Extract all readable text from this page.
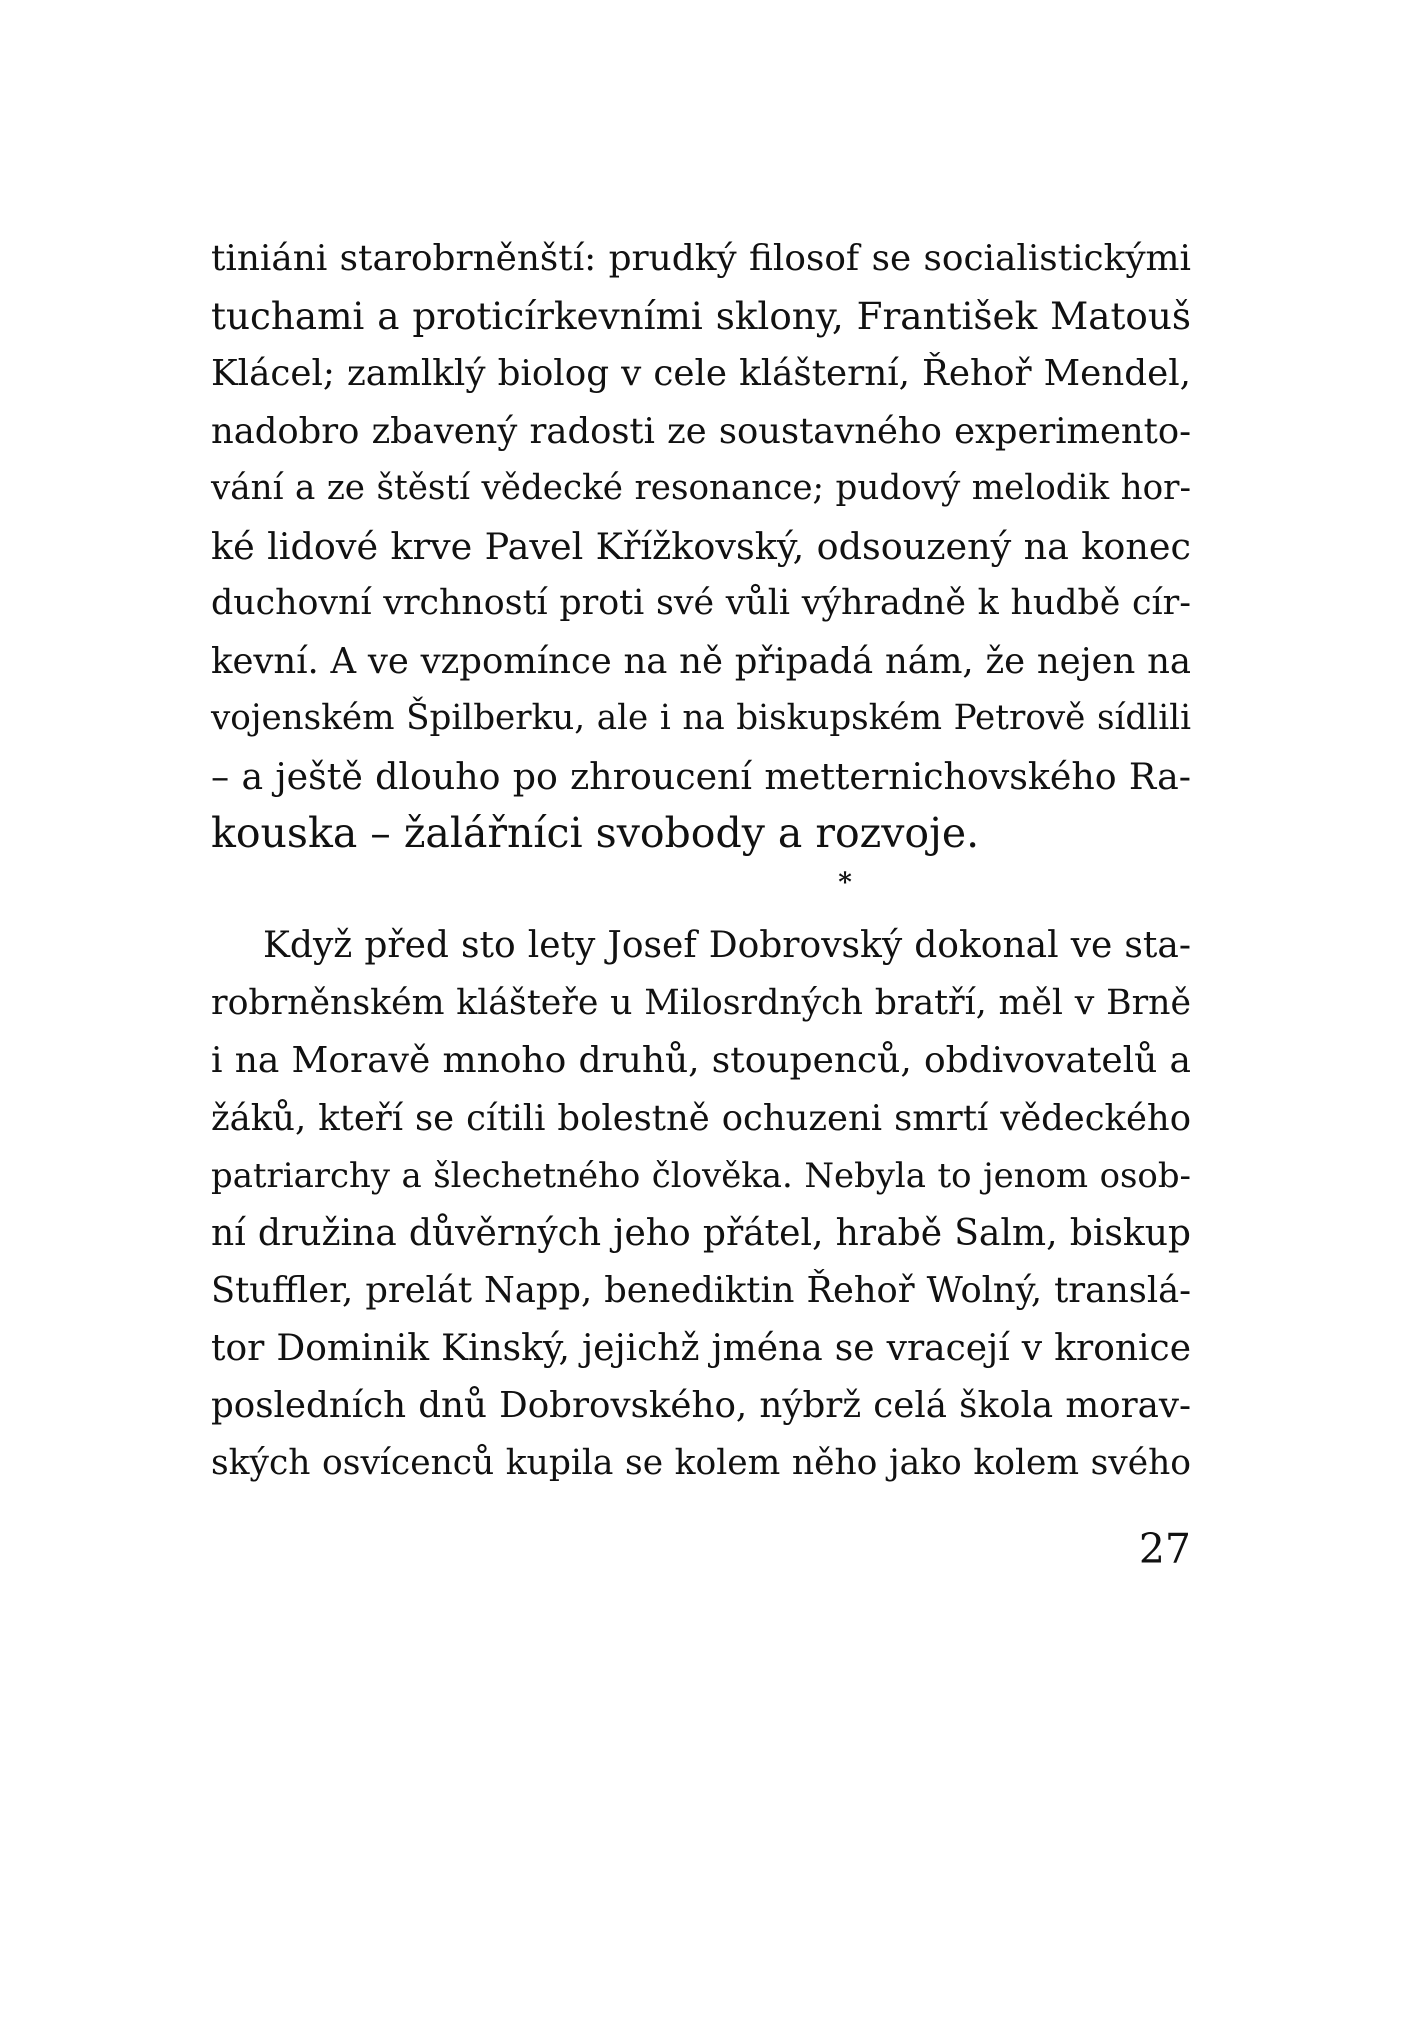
tiniáni starobrněnští: prudký filosof se socialistickými
tuchami a proticírkevními sklony, František Matouš
Klácel; zamlklý biolog v cele klášterní, Řehoř Mendel,
nadobro zbavený radosti ze soustavného experimento-
vání a ze štěstí vědecké resonance; pudový melodik hor-
ké lidové krve Pavel Křížkovský, odsouzený na konec
duchovní vrchností proti své vůli výhradně k hudbě cír-
kevní. A ve vzpomínce na ně připadá nám, že nejen na
vojenském Špilberku, ale i na biskupském Petrově sídlili
– a ještě dlouho po zhroucení metternichovského Ra-
kouska – žalářníci svobody a rozvoje.
*
Když před sto lety Josef Dobrovský dokonal ve sta-
robrněnském klášteře u Milosrdných bratří, měl v Brně
i na Moravě mnoho druhů, stoupenců, obdivovatelů a
žáků, kteří se cítili bolestně ochuzeni smrtí vědeckého
patriarchy a šlechetného člověka. Nebyla to jenom osob-
ní družina důvěrných jeho přátel, hrabě Salm, biskup
Stuffler, prelát Napp, benediktin Řehoř Wolný, translá-
tor Dominik Kinský, jejichž jména se vracejí v kronice
posledních dnů Dobrovského, nýbrž celá škola morav-
ských osvícenců kupila se kolem něho jako kolem svého
27
